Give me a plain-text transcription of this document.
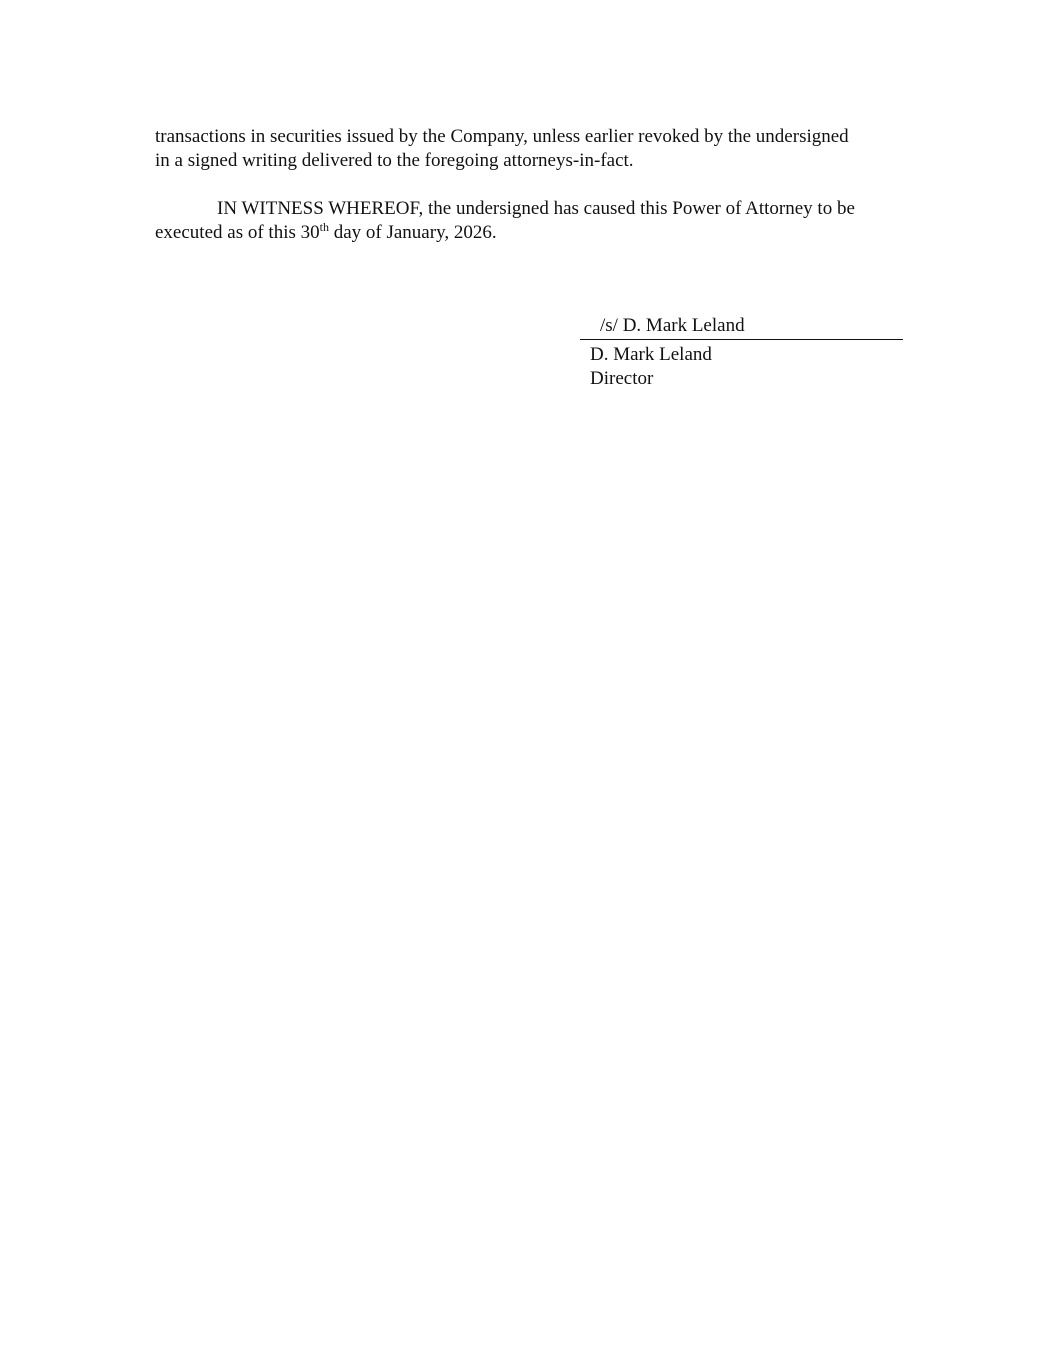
transactions in securities issued by the Company, unless earlier revoked by the undersigned
in a signed writing delivered to the foregoing attorneys-in-fact.

IN WITNESS WHEREOF, the undersigned has caused this Power of Attorney to be
executed as of this 30th day of January, 2026.

/s/ D. Mark Leland
D. Mark Leland
Director
